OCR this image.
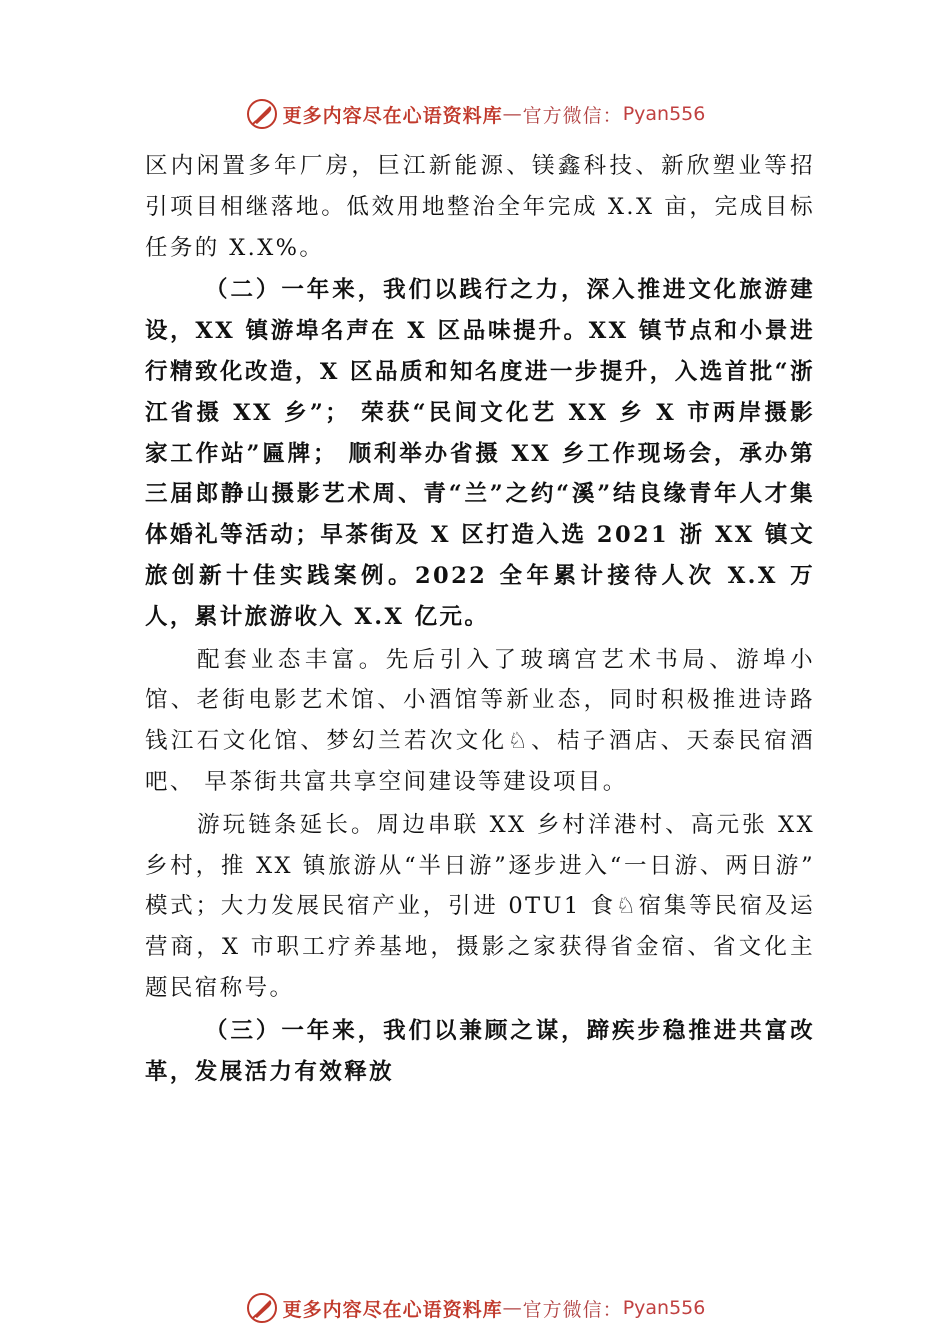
更多内容尽在心语资料库 — 官方微信： Pyan556

区内闲置多年厂房，巨江新能源、镁鑫科技、新欣塑业等招引项目相继落地。低效用地整治全年完成 X.X 亩，完成目标任务的 X.X%。

（二）一年来，我们以践行之力，深入推进文化旅游建设，XX 镇游埠名声在 X 区品味提升。XX 镇节点和小景进行精致化改造，X 区品质和知名度进一步提升，入选首批“浙江省摄 XX 乡”； 荣获“民间文化艺 XX 乡 X 市两岸摄影家工作站”匾牌； 顺利举办省摄 XX 乡工作现场会，承办第三届郎静山摄影艺术周、青“兰”之约“溪”结良缘青年人才集体婚礼等活动；早茶街及 X 区打造入选 2021 浙 XX 镇文旅创新十佳实践案例。2022 全年累计接待人次 X.X 万人，累计旅游收入 X.X 亿元。

配套业态丰富。先后引入了玻璃宫艺术书局、游埠小馆、老街电影艺术馆、小酒馆等新业态，同时积极推进诗路钱江石文化馆、梦幻兰若次文化♘、桔子酒店、天泰民宿酒吧、 早茶街共富共享空间建设等建设项目。

游玩链条延长。周边串联 XX 乡村洋港村、高元张 XX 乡村，推 XX 镇旅游从“半日游”逐步进入“一日游、两日游” 模式；大力发展民宿产业，引进 0TU1 食♘宿集等民宿及运营商，X 市职工疗养基地，摄影之家获得省金宿、省文化主题民宿称号。

（三）一年来，我们以兼顾之谋，蹄疾步稳推进共富改革，发展活力有效释放

更多内容尽在心语资料库 — 官方微信： Pyan556
